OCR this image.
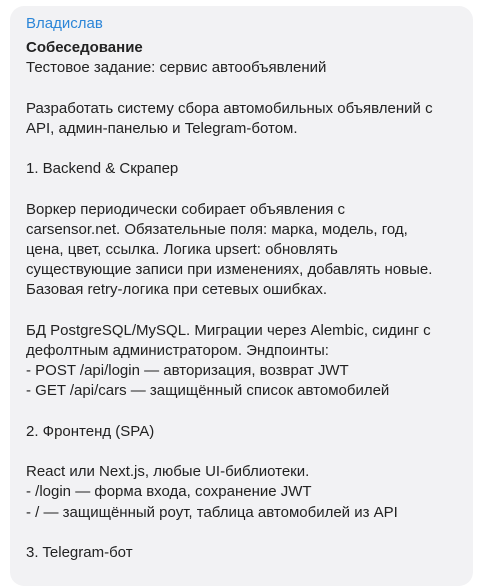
Владислав
Собеседование
Тестовое задание: сервис автообъявлений
Разработать систему сбора автомобильных объявлений с
API, админ-панелью и Telegram-ботом.
1. Backend & Скрапер
Воркер периодически собирает объявления с
carsensor.net. Обязательные поля: марка, модель, год,
цена, цвет, ссылка. Логика upsert: обновлять
существующие записи при изменениях, добавлять новые.
Базовая retry-логика при сетевых ошибках.
БД PostgreSQL/MySQL. Миграции через Alembic, сидинг с
дефолтным администратором. Эндпоинты:
- POST /api/login — авторизация, возврат JWT
- GET /api/cars — защищённый список автомобилей
2. Фронтенд (SPA)
React или Next.js, любые UI-библиотеки.
- /login — форма входа, сохранение JWT
- / — защищённый роут, таблица автомобилей из API
3. Telegram-бот
